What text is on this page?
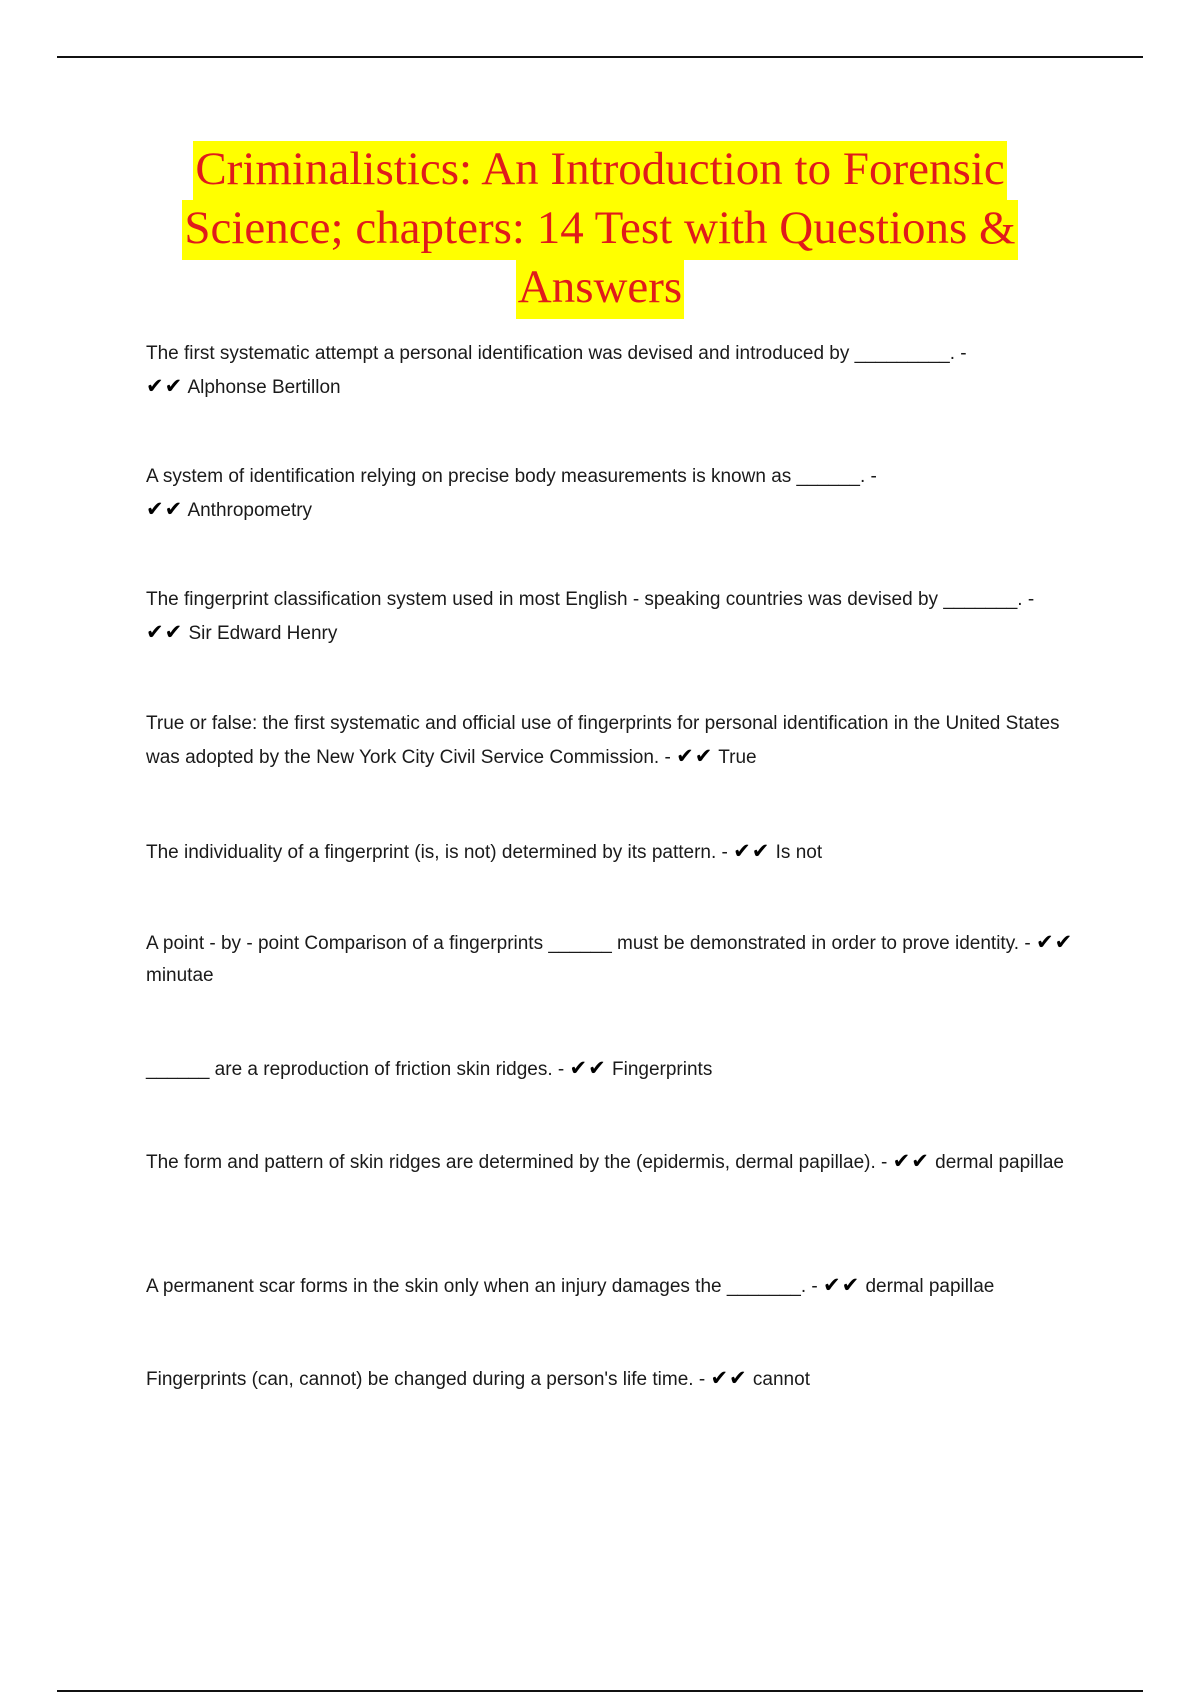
Criminalistics: An Introduction to Forensic Science; chapters: 14 Test with Questions & Answers
The first systematic attempt a personal identification was devised and introduced by _________. -
✔✔ Alphonse Bertillon
A system of identification relying on precise body measurements is known as ______. -
✔✔ Anthropometry
The fingerprint classification system used in most English - speaking countries was devised by _______. -
✔✔ Sir Edward Henry
True or false: the first systematic and official use of fingerprints for personal identification in the United States was adopted by the New York City Civil Service Commission. - ✔✔ True
The individuality of a fingerprint (is, is not) determined by its pattern. - ✔✔ Is not
A point - by - point Comparison of a fingerprints ______ must be demonstrated in order to prove identity. - ✔✔ minutae
______ are a reproduction of friction skin ridges. - ✔✔ Fingerprints
The form and pattern of skin ridges are determined by the (epidermis, dermal papillae). - ✔✔ dermal papillae
A permanent scar forms in the skin only when an injury damages the _______. - ✔✔ dermal papillae
Fingerprints (can, cannot) be changed during a person's life time. - ✔✔ cannot
